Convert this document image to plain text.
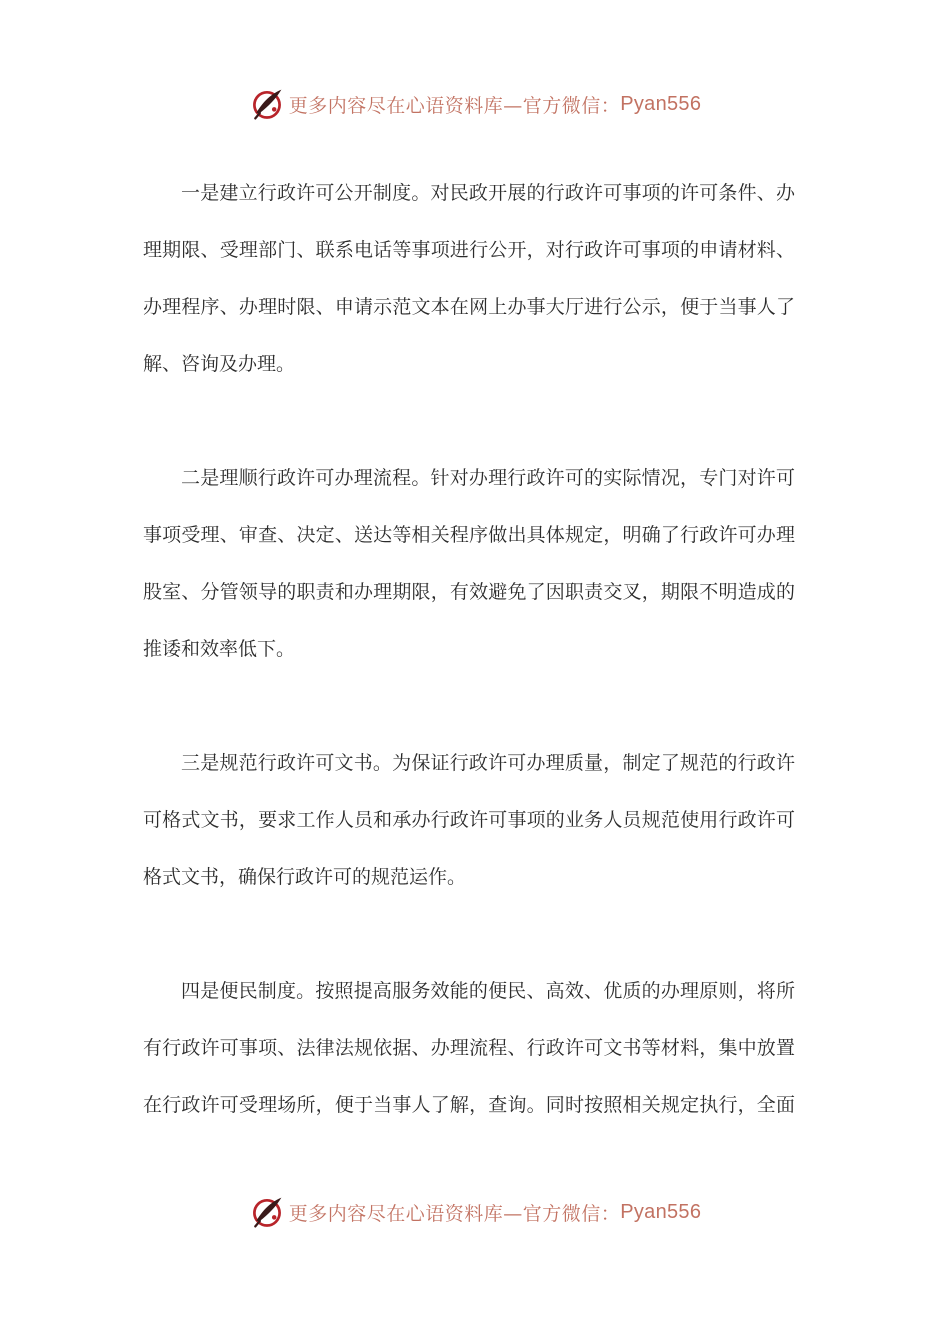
更多内容尽在心语资料库—官方微信： Pyan556

一是建立行政许可公开制度。对民政开展的行政许可事项的许可条件、办
理期限、受理部门、联系电话等事项进行公开，对行政许可事项的申请材料、
办理程序、办理时限、申请示范文本在网上办事大厅进行公示，便于当事人了
解、咨询及办理。

二是理顺行政许可办理流程。针对办理行政许可的实际情况，专门对许可
事项受理、审查、决定、送达等相关程序做出具体规定，明确了行政许可办理
股室、分管领导的职责和办理期限，有效避免了因职责交叉，期限不明造成的
推诿和效率低下。

三是规范行政许可文书。为保证行政许可办理质量，制定了规范的行政许
可格式文书，要求工作人员和承办行政许可事项的业务人员规范使用行政许可
格式文书，确保行政许可的规范运作。

四是便民制度。按照提高服务效能的便民、高效、优质的办理原则，将所
有行政许可事项、法律法规依据、办理流程、行政许可文书等材料，集中放置
在行政许可受理场所，便于当事人了解，查询。同时按照相关规定执行，全面

更多内容尽在心语资料库—官方微信： Pyan556
